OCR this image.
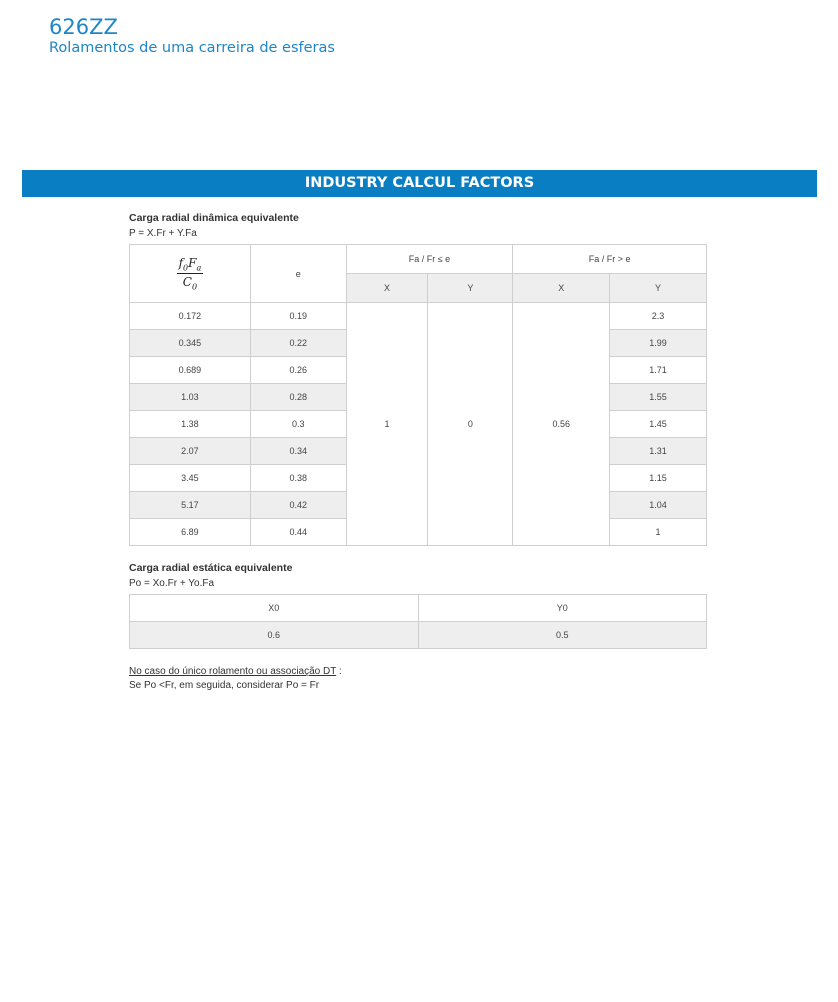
626ZZ
Rolamentos de uma carreira de esferas
INDUSTRY CALCUL FACTORS
Carga radial dinâmica equivalente
P = X.Fr + Y.Fa
$\frac{f_0F_a}{C_0}$	e	Fa / Fr ≤ e		Fa / Fr > e	
		X	Y	X	Y
0.172	0.19	1	0	0.56	2.3
0.345	0.22				1.99
0.689	0.26				1.71
1.03	0.28				1.55
1.38	0.3				1.45
2.07	0.34				1.31
3.45	0.38				1.15
5.17	0.42				1.04
6.89	0.44				1
Carga radial estática equivalente
Po = Xo.Fr + Yo.Fa
X0	Y0
0.6	0.5
No caso do único rolamento ou associação DT :
Se Po <Fr, em seguida, considerar Po = Fr
